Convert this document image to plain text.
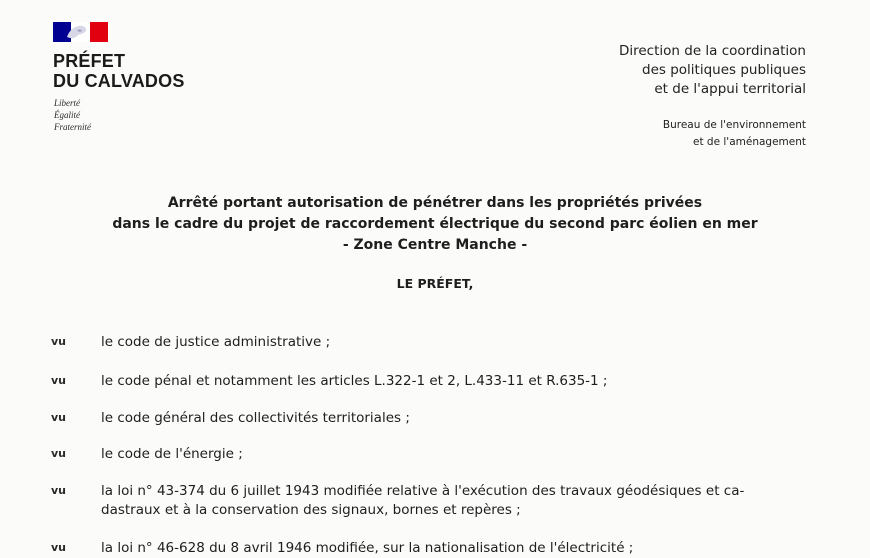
PRÉFET
DU CALVADOS
Liberté
Égalité
Fraternité
Direction de la coordination
des politiques publiques
et de l'appui territorial
Bureau de l'environnement
et de l'aménagement
Arrêté portant autorisation de pénétrer dans les propriétés privées
dans le cadre du projet de raccordement électrique du second parc éolien en mer
- Zone Centre Manche -
LE PRÉFET,
vu	le code de justice administrative ;
vu	le code pénal et notamment les articles L.322-1 et 2, L.433-11 et R.635-1 ;
vu	le code général des collectivités territoriales ;
vu	le code de l'énergie ;
vu	la loi n° 43-374 du 6 juillet 1943 modifiée relative à l'exécution des travaux géodésiques et ca-
dastraux et à la conservation des signaux, bornes et repères ;
vu	la loi n° 46-628 du 8 avril 1946 modifiée, sur la nationalisation de l'électricité ;
